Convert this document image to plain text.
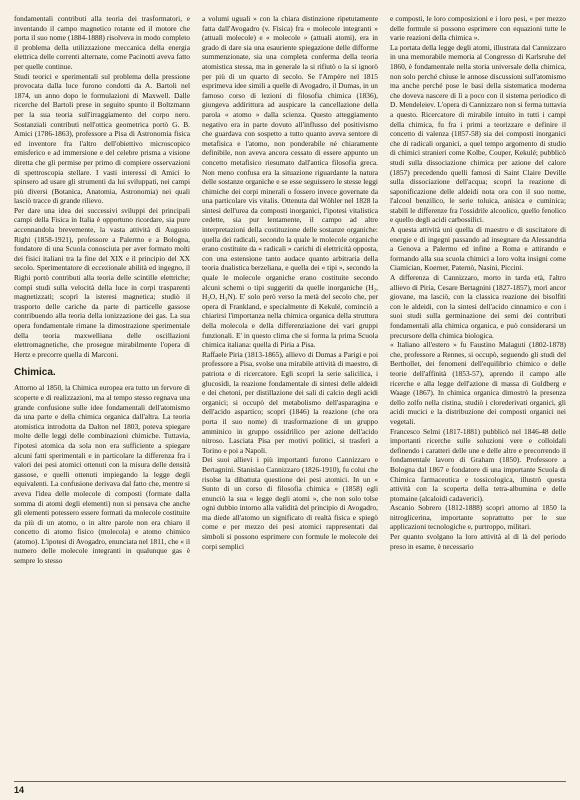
fondamentali contributi alla teoria dei trasformatori, e inventando il campo magnetico rotante ed il motore che porta il suo nome (1884-1888) risolveva in modo completo il problema della utilizzazione meccanica della energia elettrica delle correnti alternate, come Pacinotti aveva fatto per quelle continue.

Studi teorici e sperimentali sul problema della pressione provocata dalla luce furono condotti da A. Bartoli nel 1874, un anno dopo le formulazioni di Maxwell. Dalle ricerche del Bartoli prese in seguito spunto il Boltzmann per la sua teoria sull'irraggiamento del corpo nero. Sostanziali contributi nell'ottica geometrica portò G. B. Amici (1786-1863), professore a Pisa di Astronomia fisica ed inventore fra l'altro dell'obiettivo microscopico emisferico e ad immersione e del celebre prisma a visione diretta che gli permise per primo di compiere osservazioni di spettroscopia stellare. I vasti interessi di Amici lo spinsero ad usare gli strumenti da lui sviluppati, nei campi più diversi (Botanica, Anatomia, Astronomia) nei quali lasciò tracce di grande rilievo.

Per dare una idea dei successivi sviluppi dei principali campi della Fisica in Italia è opportuno ricordare, sia pure accennandola brevemente, la vasta attività di Augusto Righi (1858-1921), professore a Palermo e a Bologna, fondatore di una Scuola conosciuta per aver formato molti dei fisici italiani tra la fine del XIX e il principio del XX secolo. Sperimentatore di eccezionale abilità ed ingegno, il Righi portò contributi alla teoria delle scintille elettriche; compì studi sulla velocità della luce in corpi trasparenti magnetizzati; scoprì la isteresi magnetica; studiò il trasporto delle cariche da parte di particelle gassose contribuendo alla teoria della ionizzazione dei gas. La sua opera fondamentale rimane la dimostrazione sperimentale della teoria maxwelliana delle oscillazioni elettromagnetiche, che prosegue mirabilmente l'opera di Hertz e precorre quella di Marconi.

Chimica.

Attorno al 1850, la Chimica europea era tutto un fervore di scoperte e di realizzazioni, ma al tempo stesso regnava una grande confusione sulle idee fondamentali dell'atomismo da una parte e della chimica organica dall'altra. La teoria atomistica introdotta da Dalton nel 1803, poteva spiegare molte delle leggi delle combinazioni chimiche. Tuttavia, l'ipotesi atomica da sola non era sufficiente a spiegare alcuni fatti sperimentali e in particolare la differenza fra i valori dei pesi atomici ottenuti con la misura delle densità gassose, e quelli ottenuti impiegando la legge degli equivalenti. La confusione derivava dal fatto che, mentre si aveva l'idea delle molecole di composti (formate dalla somma di atomi degli elementi) non si pensava che anche gli elementi potessero essere formati da molecole costituite da più di un atomo, o in altre parole non era chiaro il concetto di atomo fisico (molecola) e atomo chimico (atomo). L'ipotesi di Avogadro, enunciata nel 1811, che « il numero delle molecole integranti in qualunque gas è sempre lo stesso

a volumi uguali » con la chiara distinzione ripetutamente fatta dall'Avogadro (v. Fisica) fra « molecole integranti » (attuali molecole) e « molecole » (attuali atomi), era in grado di dare sia una esauriente spiegazione delle difforme summenzionate, sia una completa conferma della teoria atomistica stessa, ma in generale la si rifiutò o la si ignorò per più di un quarto di secolo. Se l'Ampère nel 1815 esprimeva idee simili a quelle di Avogadro, il Dumas, in un famoso corso di lezioni di filosofia chimica (1836), giungeva addirittura ad auspicare la cancellazione della parola « atomo » dalla scienza. Questo atteggiamento negativo era in parte dovuto all'influsso del positivismo che guardava con sospetto a tutto quanto aveva sentore di metafisica e l'atomo, non ponderabile né chiaramente definibile, non aveva ancora cessato di essere appunto un concetto metafisico riesumato dall'antica filosofia greca. Non meno confusa era la situazione riguardante la natura delle sostanze organiche e se esse seguissero le stesse leggi chimiche dei corpi minerali o fossero invece governate da una particolare vis vitalis. Ottenuta dal Wöhler nel 1828 la sintesi dell'urea da composti inorganici, l'ipotesi vitalistica cedette, sia pur lentamente, il campo ad altre interpretazioni della costituzione delle sostanze organiche: quella dei radicali, secondo la quale le molecole organiche erano costituite da « radicali » carichi di elettricità opposta, con una estensione tanto audace quanto arbitraria della teoria dualistica berzeliana, e quella dei « tipi », secondo la quale le molecole organiche erano costituite secondo alcuni schemi o tipi suggeriti da quelle inorganiche (H₂, H₂O, H₃N). E' solo però verso la metà del secolo che, per opera di Frankland, e specialmente di Kekulé, cominciò a chiarirsi l'importanza nella chimica organica della struttura della molecola e della differenziazione dei vari gruppi funzionali. E' in questo clima che si forma la prima Scuola chimica italiana: quella di Piria a Pisa.

Raffaele Piria (1813-1865), allievo di Dumas a Parigi e poi professore a Pisa, svolse una mirabile attività di maestro, di patriota e di ricercatore. Egli scoprì la serie salicilica, i glucosidi, la reazione fondamentale di sintesi delle aldeidi e dei chetoni, per distillazione dei sali di calcio degli acidi organici; si occupò del metabolismo dell'asparagina e dell'acido aspartico; scoprì (1846) la reazione (che ora porta il suo nome) di trasformazione di un gruppo amminico in gruppo ossidrilico per azione dell'acido nitroso. Lasciata Pisa per motivi politici, si trasferì a Torino e poi a Napoli.

Dei suoi allievi i più importanti furono Cannizzaro e Bertagnini. Stanislao Cannizzaro (1826-1910), fu colui che risolse la dibattuta questione dei pesi atomici. In un « Sunto di un corso di filosofia chimica » (1858) egli enunciò la sua « legge degli atomi », che non solo tolse ogni dubbio intorno alla validità del principio di Avogadro, ma diede all'atomo un significato di realtà fisica e spiegò come e per mezzo dei pesi atomici rappresentati dai simboli si possono esprimere con formule le molecole dei corpi semplici

e composti, le loro composizioni e i loro pesi, « per mezzo delle formule si possono esprimere con equazioni tutte le varie reazioni della chimica ».

La portata della legge degli atomi, illustrata dal Cannizzaro in una memorabile memoria al Congresso di Karlsruhe del 1860, è fondamentale nella storia universale della chimica, non solo perché chiuse le annose discussioni sull'atomismo ma anche perché pose le basi della sistematica moderna che doveva nascere di lì a poco con il sistema periodico di D. Mendeleiev. L'opera di Cannizzaro non si ferma tuttavia a questo. Ricercatore di mirabile intuito in tutti i campi della chimica, fu fra i primi a teorizzare e definire il concetto di valenza (1857-58) sia dei composti inorganici che di radicali organici, a quel tempo argomento di studio di chimici stranieri come Kolbe, Couper, Kekulé; pubblicò studi sulla dissociazione chimica per azione del calore (1857) precedendo quelli famosi di Saint Claire Deville sulla dissociazione dell'acqua; scoprì la reazione di saponificazione delle aldeidi nota ora con il suo nome, l'alcool benzilico, le serie toluica, anisica e cuminica; stabilì le differenze fra l'ossidrile alcoolico, quello fenolico e quello degli acidi carbossilici.

A questa attività unì quella di maestro e di suscitatore di energie e di ingegni passando ad insegnare da Alessandria a Genova a Palermo ed infine a Roma e attirando e formando alla sua scuola chimici a loro volta insigni come Ciamician, Koerner, Paternò, Nasini, Piccini.

A differenza di Cannizzaro, morto in tarda età, l'altro allievo di Piria, Cesare Bertagnini (1827-1857), morì ancor giovane, ma lasciò, con la classica reazione dei bisolfiti con le aldeidi, con la sintesi dell'acido cinnamico e con i suoi studi sulla germinazione dei semi dei contributi fondamentali alla chimica organica, e può considerarsi un precursore della chimica biologica.

« Italiano all'estero » fu Faustino Malaguti (1802-1878) che, professore a Rennes, si occupò, seguendo gli studi del Berthollet, dei fenomeni dell'equilibrio chimico e delle teorie dell'affinità (1853-57), aprendo il campo alle ricerche e alla legge dell'azione di massa di Guldberg e Waage (1867). In chimica organica dimostrò la presenza dello zolfo nella cistina, studiò i clorederivati organici, gli acidi mucici e la distribuzione dei composti organici nei vegetali.

Francesco Selmi (1817-1881) pubblicò nel 1846-48 delle importanti ricerche sulle soluzioni vere e colloidali definendo i caratteri delle une e delle altre e precorrendo il fondamentale lavoro di Graham (1850). Professore a Bologna dal 1867 e fondatore di una importante Scuola di Chimica farmaceutica e tossicologica, illustrò questa attività con la scoperta della tetra-albumina e delle ptomaine (alcaloidi cadaverici).

Ascanio Sobrero (1812-1888) scoprì attorno al 1850 la nitroglicerina, importante soprattutto per le sue applicazioni tecnologiche e, purtroppo, militari.

Per quanto svolgano la loro attività al di là del periodo preso in esame, è necessario

14
